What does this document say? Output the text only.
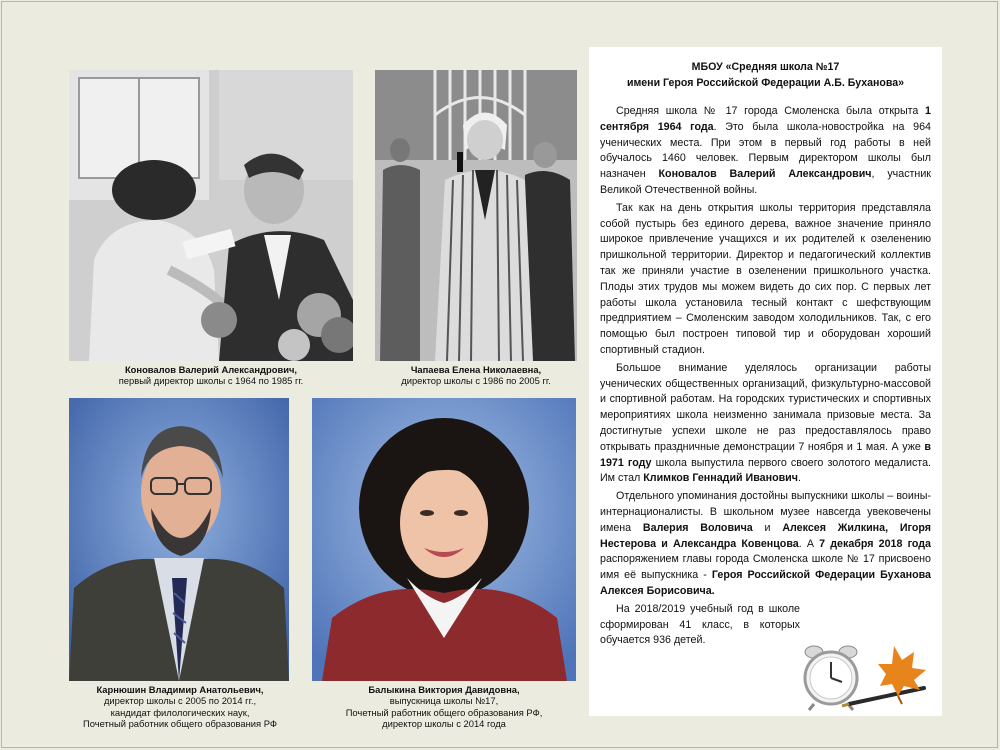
Коновалов Валерий Александрович,
первый директор школы с 1964 по 1985 гг.
Чапаева Елена Николаевна,
директор школы с 1986 по 2005 гг.
Карнюшин Владимир Анатольевич,
директор школы с 2005 по 2014 гг.,
кандидат филологических наук,
Почетный работник общего образования РФ
Балыкина Виктория Давидовна,
выпускница школы №17,
Почетный работник общего образования РФ,
директор школы с 2014 года
МБОУ «Средняя школа №17
имени Героя Российской Федерации А.Б. Буханова»

Средняя школа № 17 города Смоленска была открыта 1 сентября 1964 года. Это была школа-новостройка на 964 ученических места. При этом в первый год работы в ней обучалось 1460 человек. Первым директором школы был назначен Коновалов Валерий Александрович, участник Великой Отечественной войны.

Так как на день открытия школы территория представляла собой пустырь без единого дерева, важное значение приняло широкое привлечение учащихся и их родителей к озеленению пришкольной территории. Директор и педагогический коллектив так же приняли участие в озеленении пришкольного участка. Плоды этих трудов мы можем видеть до сих пор. С первых лет работы школа установила тесный контакт с шефствующим предприятием – Смоленским заводом холодильников. Так, с его помощью был построен типовой тир и оборудован хороший спортивный стадион.

Большое внимание уделялось организации работы ученических общественных организаций, физкультурно-массовой и спортивной работам. На городских туристических и спортивных мероприятиях школа неизменно занимала призовые места. За достигнутые успехи школе не раз предоставлялось право открывать праздничные демонстрации 7 ноября и 1 мая. А уже в 1971 году школа выпустила первого своего золотого медалиста. Им стал Климков Геннадий Иванович.

Отдельного упоминания достойны выпускники школы – воины-интернационалисты. В школьном музее навсегда увековечены имена Валерия Воловича и Алексея Жилкина, Игоря Нестерова и Александра Ковенцова. А 7 декабря 2018 года распоряжением главы города Смоленска школе № 17 присвоено имя её выпускника - Героя Российской Федерации Буханова Алексея Борисовича.

На 2018/2019 учебный год в школе сформирован 41 класс, в которых обучается 936 детей.
